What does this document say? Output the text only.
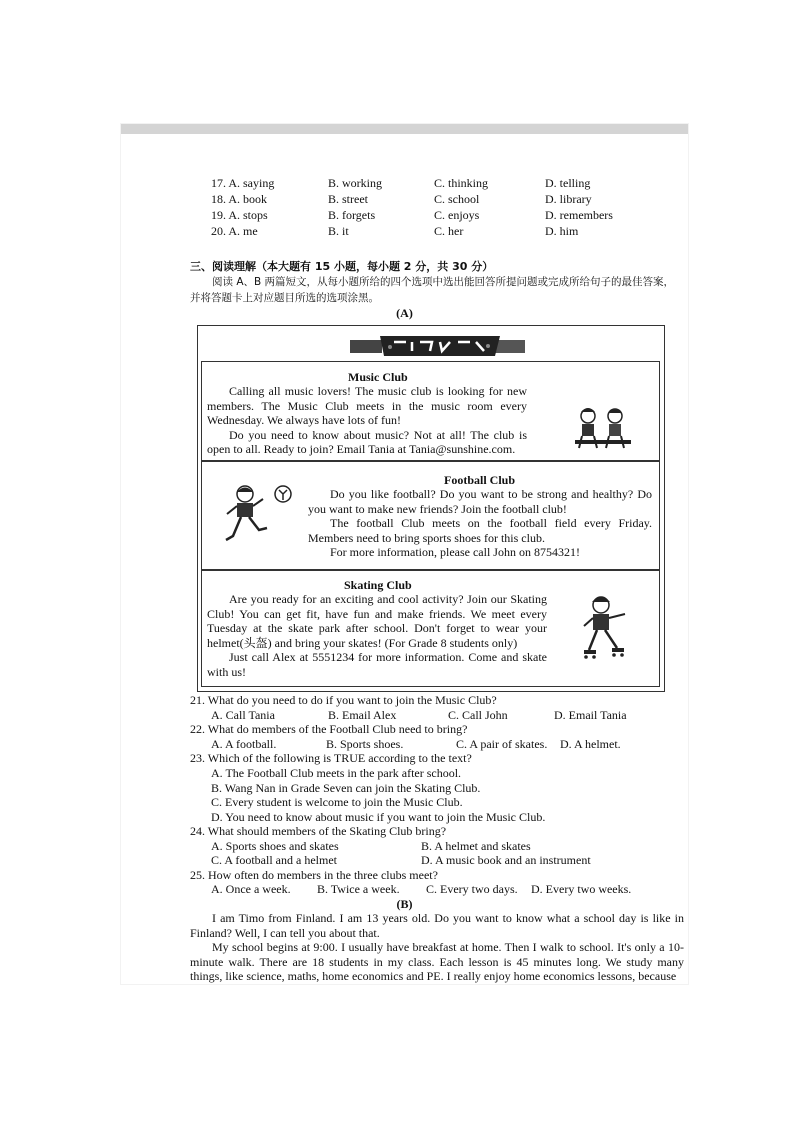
17. A. saying	B. working	C. thinking	D. telling
18. A. book	B. street	C. school	D. library
19. A. stops	B. forgets	C. enjoys	D. remembers
20. A. me	B. it	C. her	D. him
三、阅读理解（本大题有 15 小题，每小题 2 分，共 30 分）
阅读 A、B 两篇短文，从每小题所给的四个选项中选出能回答所提问题或完成所给句子的最佳答案，并将答题卡上对应题目所选的选项涂黑。
(A)
Music Club

Calling all music lovers! The music club is looking for new members. The Music Club meets in the music room every Wednesday. We always have lots of fun!

Do you need to know about music? Not at all! The club is open to all. Ready to join? Email Tania at Tania@sunshine.com.

Football Club

Do you like football? Do you want to be strong and healthy? Do you want to make new friends? Join the football club!

The football Club meets on the football field every Friday. Members need to bring sports shoes for this club.

For more information, please call John on 8754321!

Skating Club

Are you ready for an exciting and cool activity? Join our Skating Club! You can get fit, have fun and make friends. We meet every Tuesday at the skate park after school. Don't forget to wear your helmet(头盔) and bring your skates! (For Grade 8 students only)

Just call Alex at 5551234 for more information. Come and skate with us!

21. What do you need to do if you want to join the Music Club?
A. Call Tania	B. Email Alex	C. Call John	D. Email Tania
22. What do members of the Football Club need to bring?
A. A football.	B. Sports shoes.	C. A pair of skates. D. A helmet.
23. Which of the following is TRUE according to the text?
A. The Football Club meets in the park after school.
B. Wang Nan in Grade Seven can join the Skating Club.
C. Every student is welcome to join the Music Club.
D. You need to know about music if you want to join the Music Club.
24. What should members of the Skating Club bring?
A. Sports shoes and skates	B. A helmet and skates
C. A football and a helmet	D. A music book and an instrument
25. How often do members in the three clubs meet?
A. Once a week. B. Twice a week. C. Every two days. D. Every two weeks.
(B)

I am Timo from Finland. I am 13 years old. Do you want to know what a school day is like in Finland? Well, I can tell you about that.

My school begins at 9:00. I usually have breakfast at home. Then I walk to school. It's only a 10-minute walk. There are 18 students in my class. Each lesson is 45 minutes long. We study many things, like science, maths, home economics and PE. I really enjoy home economics lessons, because
